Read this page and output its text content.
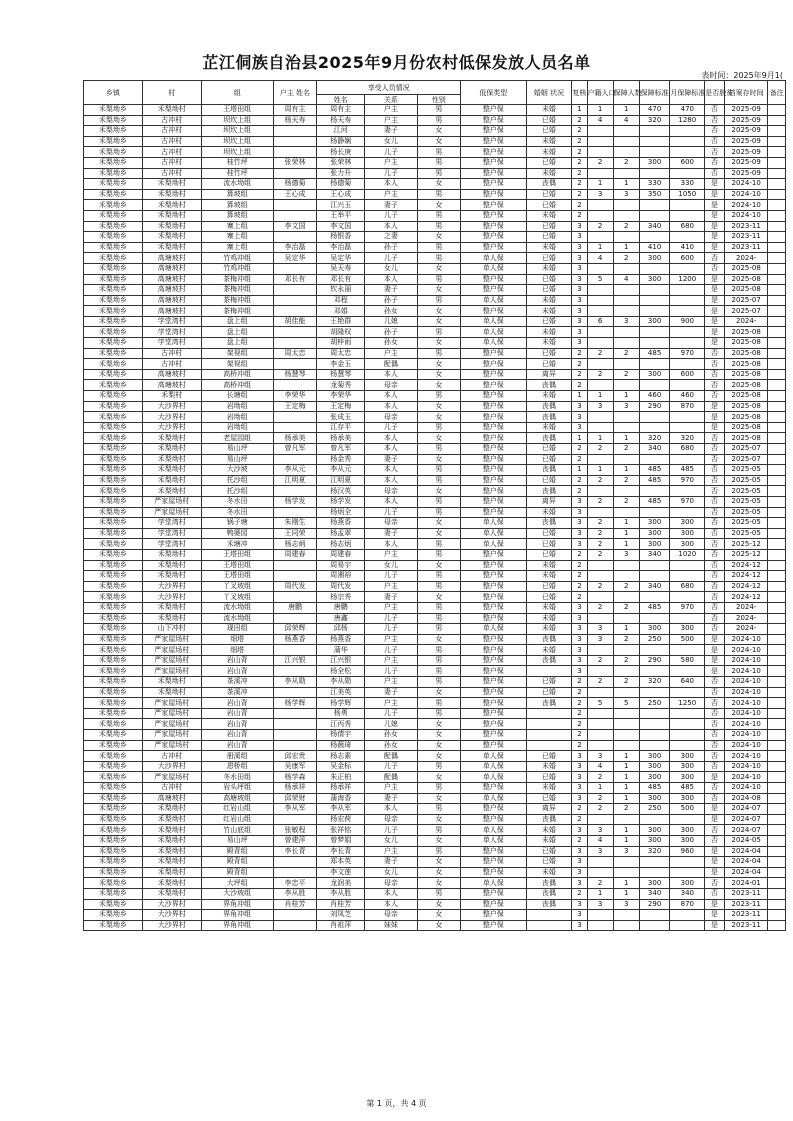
芷江侗族自治县2025年9月份农村低保发放人员名单
表时间：2025年9月1(
乡镇	村	组	户主 姓名	享受人员情况			低保类型	婚姻 状况	复核	户籍人口	保障人数	保障标准	月保障标准	是否脱贫	档案存时间	备注
				姓名	关系	性别										
禾梨坳乡	禾梨坳村	王塔田组	周有主	周有主	户主	男	整户保	未婚	1	1	1	470	470	否	2025-09	
禾梨坳乡	古冲村	坝坎上组	杨天寿	杨天寿	户主	男	整户保	已婚	2	4	4	320	1280	否	2025-09	
禾梨坳乡	古冲村	坝坎上组		江河	妻子	女	整户保	已婚	2					否	2025-09	
禾梨坳乡	古冲村	坝坎上组		杨静娴	女儿	女	整户保	未婚	2					否	2025-09	
禾梨坳乡	古冲村	坝坎上组		杨长庚	儿子	男	整户保	未婚	2					否	2025-09	
禾梨坳乡	古冲村	桂竹坪	张荣林	张荣林	户主	男	整户保	已婚	2	2	2	300	600	否	2025-09	
禾梨坳乡	古冲村	桂竹坪		张力升	儿子	男	整户保	未婚	2					否	2025-09	
禾梨坳乡	禾梨坳村	流水坳组	杨德菊	杨德菊	本人	女	整户保	丧偶	2	1	1	330	330	是	2024-10	
禾梨坳乡	禾梨坳村	算坡组	王心成	王心成	户主	男	整户保	已婚	2	3	3	350	1050	是	2024-10	
禾梨坳乡	禾梨坳村	算坡组		江兴玉	妻子	女	整户保	已婚	2					是	2024-10	
禾梨坳乡	禾梨坳村	算坡组		王举平	儿子	男	整户保	未婚	2					是	2024-10	
禾梨坳乡	禾梨坳村	寨上组	李文国	李文国	本人	男	整户保	已婚	3	2	2	340	680	是	2023-11	
禾梨坳乡	禾梨坳村	寨上组		杨银香	之妻	女	整户保	已婚	3					是	2023-11	
禾梨坳乡	禾梨坳村	寨上组	李治磊	李治磊	孙子	男	整户保	未婚	3	1	1	410	410	是	2023-11	
禾梨坳乡	高塘坡村	竹鸡冲组	吴定华	吴定华	儿子	男	单人保	已婚	3	4	2	300	600	否	2024-	
禾梨坳乡	高塘坡村	竹鸡冲组		吴天寿	女儿	女	单人保	未婚	3					否	2025-08	
禾梨坳乡	高塘坡村	茶梅冲组	邓长有	邓长有	本人	男	整户保	已婚	3	5	4	300	1200	是	2025-08	
禾梨坳乡	高塘坡村	茶梅冲组		钦永丽	妻子	女	整户保	已婚	3					是	2025-08	
禾梨坳乡	高塘坡村	茶梅冲组		邓程	孙子	男	单人保	未婚	3					是	2025-07	
禾梨坳乡	高塘坡村	茶梅冲组		邓娟	孙女	女	整户保	未婚	3					是	2025-07	
禾梨坳乡	学堂湾村	盘上组	胡佳能	王艳群	儿媳	女	单人保	已婚	3	6	3	300	900	是	2024-	
禾梨坳乡	学堂湾村	盘上组		胡隆权	孙子	男	单人保	未婚	3					是	2025-08	
禾梨坳乡	学堂湾村	盘上组		胡梓雨	孙女	女	单人保	未婚	3					是	2025-08	
禾梨坳乡	古冲村	架视组	周太忠	周太忠	户主	男	整户保	已婚	2	2	2	485	970	否	2025-08	
禾梨坳乡	古冲村	架视组		李金玉	配偶	女	整户保	已婚	2					否	2025-08	
禾梨坳乡	高塘坡村	高桥冲组	杨慧琴	杨慧琴	本人	女	整户保	离异	2	2	2	300	600	否	2025-08	
禾梨坳乡	高塘坡村	高桥冲组		龙菊秀	母亲	女	整户保	丧偶	2					否	2025-08	
禾梨坳乡	禾梨村	长塘组	李荣华	李荣华	本人	男	整户保	未婚	1	1	1	460	460	否	2025-08	
禾梨坳乡	大沙界村	岩坳组	王定梅	王定梅	本人	女	整户保	丧偶	3	3	3	290	870	是	2025-08	
禾梨坳乡	大沙界村	岩坳组		张成玉	母亲	女	整户保	丧偶	3					是	2025-08	
禾梨坳乡	大沙界村	岩坳组		江存平	儿子	男	整户保	未婚	3					是	2025-08	
禾梨坳乡	禾梨坳村	老屋园组	杨承美	杨承美	本人	女	整户保	丧偶	1	1	1	320	320	否	2025-08	
禾梨坳乡	禾梨坳村	易山坪	曾凡军	曾凡军	本人	男	整户保	已婚	2	2	2	340	680	否	2025-07	
禾梨坳乡	禾梨坳村	易山坪		杨金秀	妻子	女	整户保	已婚	2					否	2025-07	
禾梨坳乡	禾梨坳村	大沙坡	李从元	李从元	本人	男	整户保	丧偶	1	1	1	485	485	否	2025-05	
禾梨坳乡	禾梨坳村	托沙组	江明夏	江明夏	本人	男	整户保	已婚	2	2	2	485	970	否	2025-05	
禾梨坳乡	禾梨坳村	托沙组		杨汉英	母亲	女	整户保	丧偶	2					否	2025-05	
禾梨坳乡	严家屋场村	冬水田	杨学发	杨学发	本人	男	整户保	离异	3	2	2	485	970	否	2025-05	
禾梨坳乡	严家屋场村	冬水田		杨炳全	儿子	男	整户保	未婚	3					否	2025-05	
禾梨坳乡	学堂湾村	锅子塘	朱刚生	杨燕香	母亲	女	单人保	丧偶	3	2	1	300	300	否	2025-05	
禾梨坳乡	学堂湾村	鸭婆园	王同荣	杨孟翠	妻子	女	单人保	已婚	3	2	1	300	300	否	2025-05	
禾梨坳乡	学堂湾村	禾塘冲	杨志炳	杨志炳	本人	男	单人保	已婚	3	2	1	300	300	否	2025-12	
禾梨坳乡	禾梨坳村	王塔田组	周建春	周建春	户主	男	整户保	已婚	2	2	3	340	1020	否	2025-12	
禾梨坳乡	禾梨坳村	王塔田组		周易宇	女儿	女	整户保	未婚	2					否	2024-12	
禾梨坳乡	禾梨坳村	王塔田组		周湘裕	儿子	男	整户保	未婚	2					否	2024-12	
禾梨坳乡	大沙界村	丫叉坡组	周代发	周代发	户主	男	整户保	已婚	2	2	2	340	680	否	2024-12	
禾梨坳乡	大沙界村	丫叉坡组		杨宗秀	妻子	女	整户保	已婚	2					否	2024-12	
禾梨坳乡	禾梨坳村	流水坳组	唐鹏	唐鹏	户主	男	整户保	未婚	3	2	2	485	970	否	2024-	
禾梨坳乡	禾梨坳村	流水坳组		唐鑫	儿子	男	整户保	未婚	3					否	2024-	
禾梨坳乡	山下冲村	现田组	邱荣辉	邱杨	儿子	男	单人保	未婚	3	3	1	300	300	否	2024-	
禾梨坳乡	严家屋场村	细塔	杨燕香	杨燕香	户主	女	整户保	丧偶	3	3	2	250	500	是	2024-10	
禾梨坳乡	严家屋场村	细塔		蒲华	儿子	男	整户保	未婚	3					是	2024-10	
禾梨坳乡	严家屋场村	岩山背	江兴银	江兴银	户主	男	整户保	丧偶	3	2	2	290	580	是	2024-10	
禾梨坳乡	严家屋场村	岩山背		杨全松	儿子	男	整户保		3					是	2024-10	
禾梨坳乡	禾梨坳村	茶溪冲	李从勋	李从勋	户主	男	整户保	已婚	2	2	2	320	640	否	2024-10	
禾梨坳乡	禾梨坳村	茶溪冲		江美英	妻子	女	整户保	已婚	2					否	2024-10	
禾梨坳乡	严家屋场村	岩山背	杨学辉	杨学辉	户主	男	整户保	丧偶	2	5	5	250	1250	否	2024-10	
禾梨坳乡	严家屋场村	岩山背		杨勇	儿子	男	整户保		2					否	2024-10	
禾梨坳乡	严家屋场村	岩山背		江丙秀	儿媳	女	整户保		2					否	2024-10	
禾梨坳乡	严家屋场村	岩山背		杨倩宇	孙女	女	整户保		2					否	2024-10	
禾梨坳乡	严家屋场村	岩山背		杨薇琦	孙女	女	整户保		2					否	2024-10	
禾梨坳乡	古冲村	册溪组	邱宏贵	杨志素	配偶	女	单人保	已婚	3	3	1	300	300	否	2024-10	
禾梨坳乡	大沙界村	恩桥组	吴康军	吴金标	儿子	男	单人保	未婚	3	4	1	300	300	否	2024-10	
禾梨坳乡	严家屋场村	冬水田组	杨学森	朱正柏	配偶	女	单人保	已婚	3	2	1	300	300	是	2024-10	
禾梨坳乡	古冲村	岩头坪组	杨承祥	杨承祥	户主	男	整户保	未婚	3	1	1	485	485	否	2024-10	
禾梨坳乡	高塘坡村	高塘坡组	邱荣财	蒲海香	妻子	女	单人保	已婚	3	2	1	300	300	否	2024-08	
禾梨坳乡	禾梨坳村	红岩山组	李从军	李从军	本人	男	整户保	离异	2	2	2	250	500	是	2024-07	
禾梨坳乡	禾梨坳村	红岩山组		杨宏荷	母亲	女	整户保	丧偶	2					是	2024-07	
禾梨坳乡	禾梨坳村	竹山底组	张敏程	张祥铭	儿子	男	单人保	未婚	3	3	1	300	300	否	2024-07	
禾梨坳乡	禾梨坳村	易山坪	曾建萍	曾梦娟	女儿	女	单人保	未婚	2	4	1	300	300	否	2024-05	
禾梨坳乡	禾梨坳村	殿背组	李长青	李长青	户主	男	整户保	已婚	3	3	3	320	960	是	2024-04	
禾梨坳乡	禾梨坳村	殿背组		郑本英	妻子	女	整户保	已婚	3					是	2024-04	
禾梨坳乡	禾梨坳村	殿背组		李文莲	女儿	女	整户保	未婚	3					是	2024-04	
禾梨坳乡	禾梨坳村	大坪组	李忠平	龙润美	母亲	女	单人保	丧偶	3	2	1	300	300	否	2024-01	
禾梨坳乡	禾梨坳村	大沙坡组	李从胜	李从胜	本人	男	整户保	丧偶	2	1	1	340	340	否	2023-11	
禾梨坳乡	大沙界村	界角冲组	肖桂芳	肖桂芳	本人	女	整户保	丧偶	3	3	3	290	870	是	2023-11	
禾梨坳乡	大沙界村	界角冲组		刘凤芝	母亲	女	整户保		3					是	2023-11	
禾梨坳乡	大沙界村	界角冲组		肖祖萍	妹妹	女	整户保		3					是	2023-11	
第 1 页，共 4 页
